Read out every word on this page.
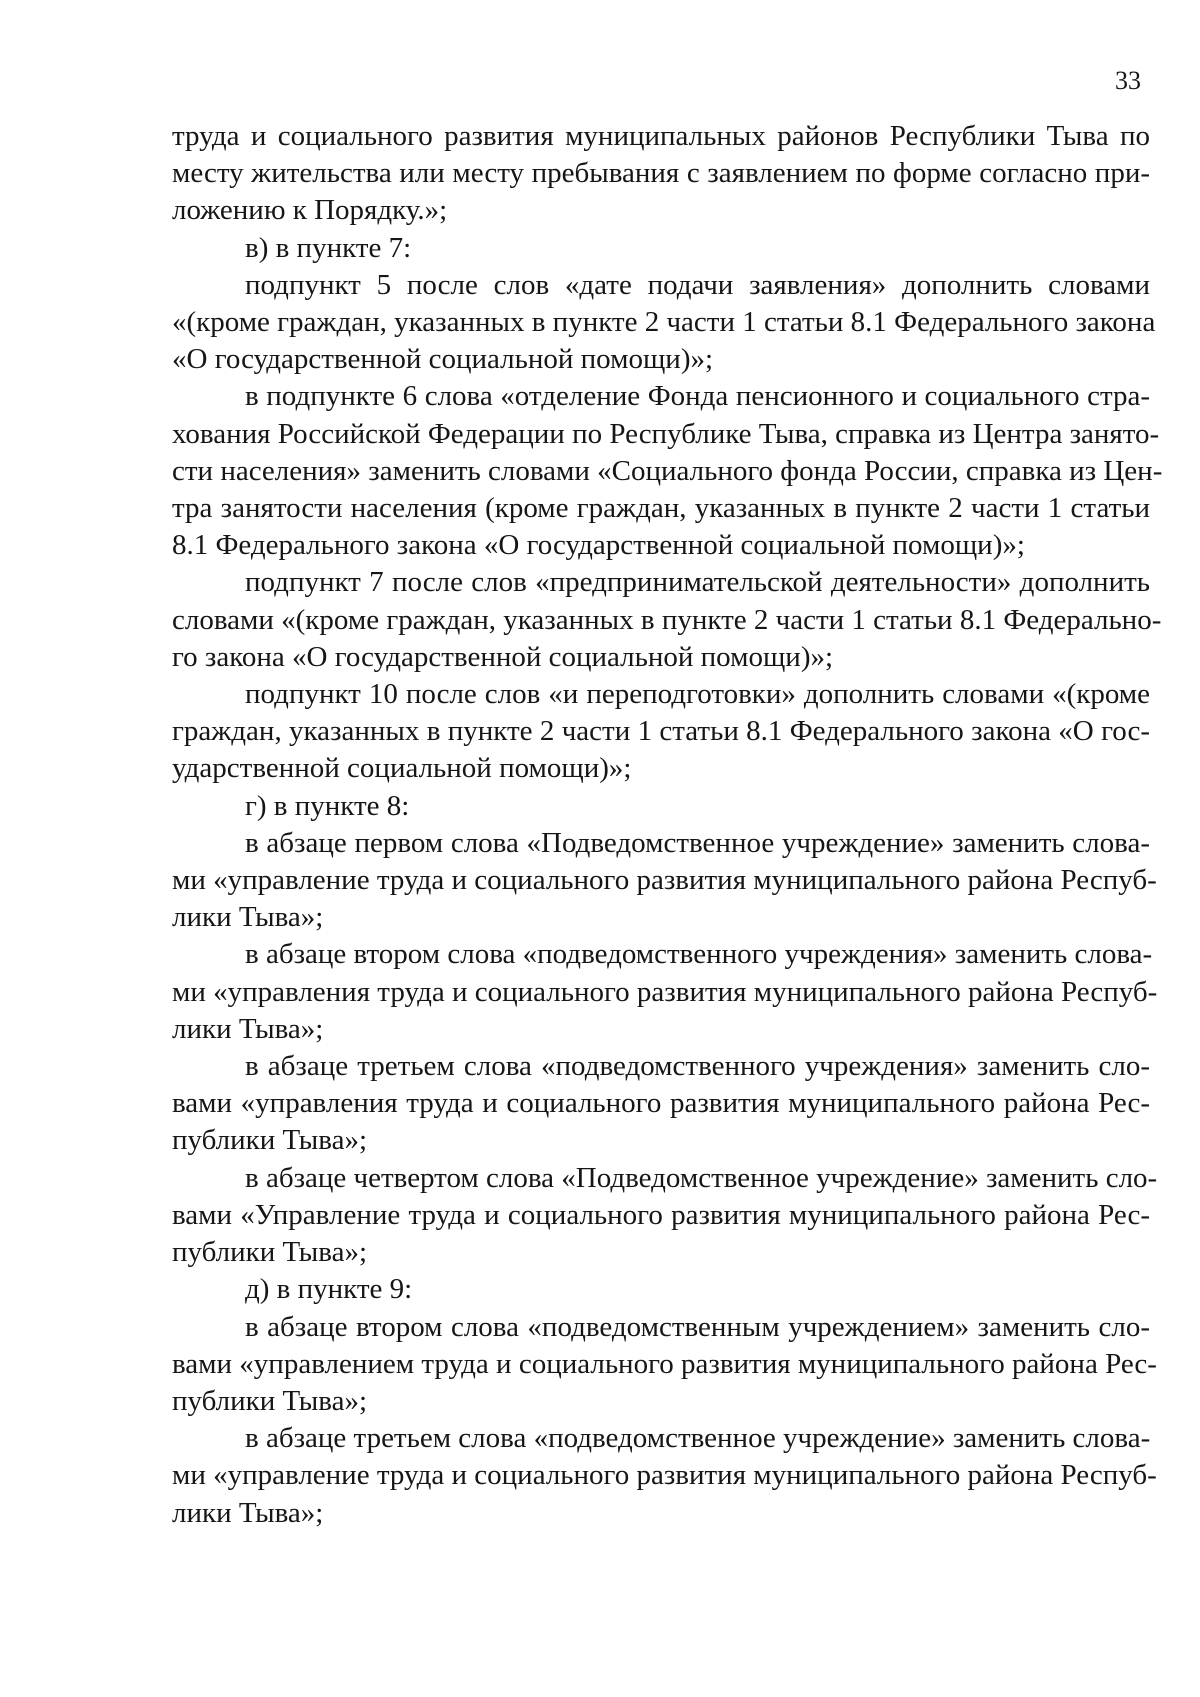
33
труда и социального развития муниципальных районов Республики Тыва по
месту жительства или месту пребывания с заявлением по форме согласно при-
ложению к Порядку.»;
в) в пункте 7:
подпункт 5 после слов «дате подачи заявления» дополнить словами
«(кроме граждан, указанных в пункте 2 части 1 статьи 8.1 Федерального закона
«О государственной социальной помощи)»;
в подпункте 6 слова «отделение Фонда пенсионного и социального стра-
хования Российской Федерации по Республике Тыва, справка из Центра занято-
сти населения» заменить словами «Социального фонда России, справка из Цен-
тра занятости населения (кроме граждан, указанных в пункте 2 части 1 статьи
8.1 Федерального закона «О государственной социальной помощи)»;
подпункт 7 после слов «предпринимательской деятельности» дополнить
словами «(кроме граждан, указанных в пункте 2 части 1 статьи 8.1 Федерально-
го закона «О государственной социальной помощи)»;
подпункт 10 после слов «и переподготовки» дополнить словами «(кроме
граждан, указанных в пункте 2 части 1 статьи 8.1 Федерального закона «О гос-
ударственной социальной помощи)»;
г) в пункте 8:
в абзаце первом слова «Подведомственное учреждение» заменить слова-
ми «управление труда и социального развития муниципального района Респуб-
лики Тыва»;
в абзаце втором слова «подведомственного учреждения» заменить слова-
ми «управления труда и социального развития муниципального района Респуб-
лики Тыва»;
в абзаце третьем слова «подведомственного учреждения» заменить сло-
вами «управления труда и социального развития муниципального района Рес-
публики Тыва»;
в абзаце четвертом слова «Подведомственное учреждение» заменить сло-
вами «Управление труда и социального развития муниципального района Рес-
публики Тыва»;
д) в пункте 9:
в абзаце втором слова «подведомственным учреждением» заменить сло-
вами «управлением труда и социального развития муниципального района Рес-
публики Тыва»;
в абзаце третьем слова «подведомственное учреждение» заменить слова-
ми «управление труда и социального развития муниципального района Респуб-
лики Тыва»;
